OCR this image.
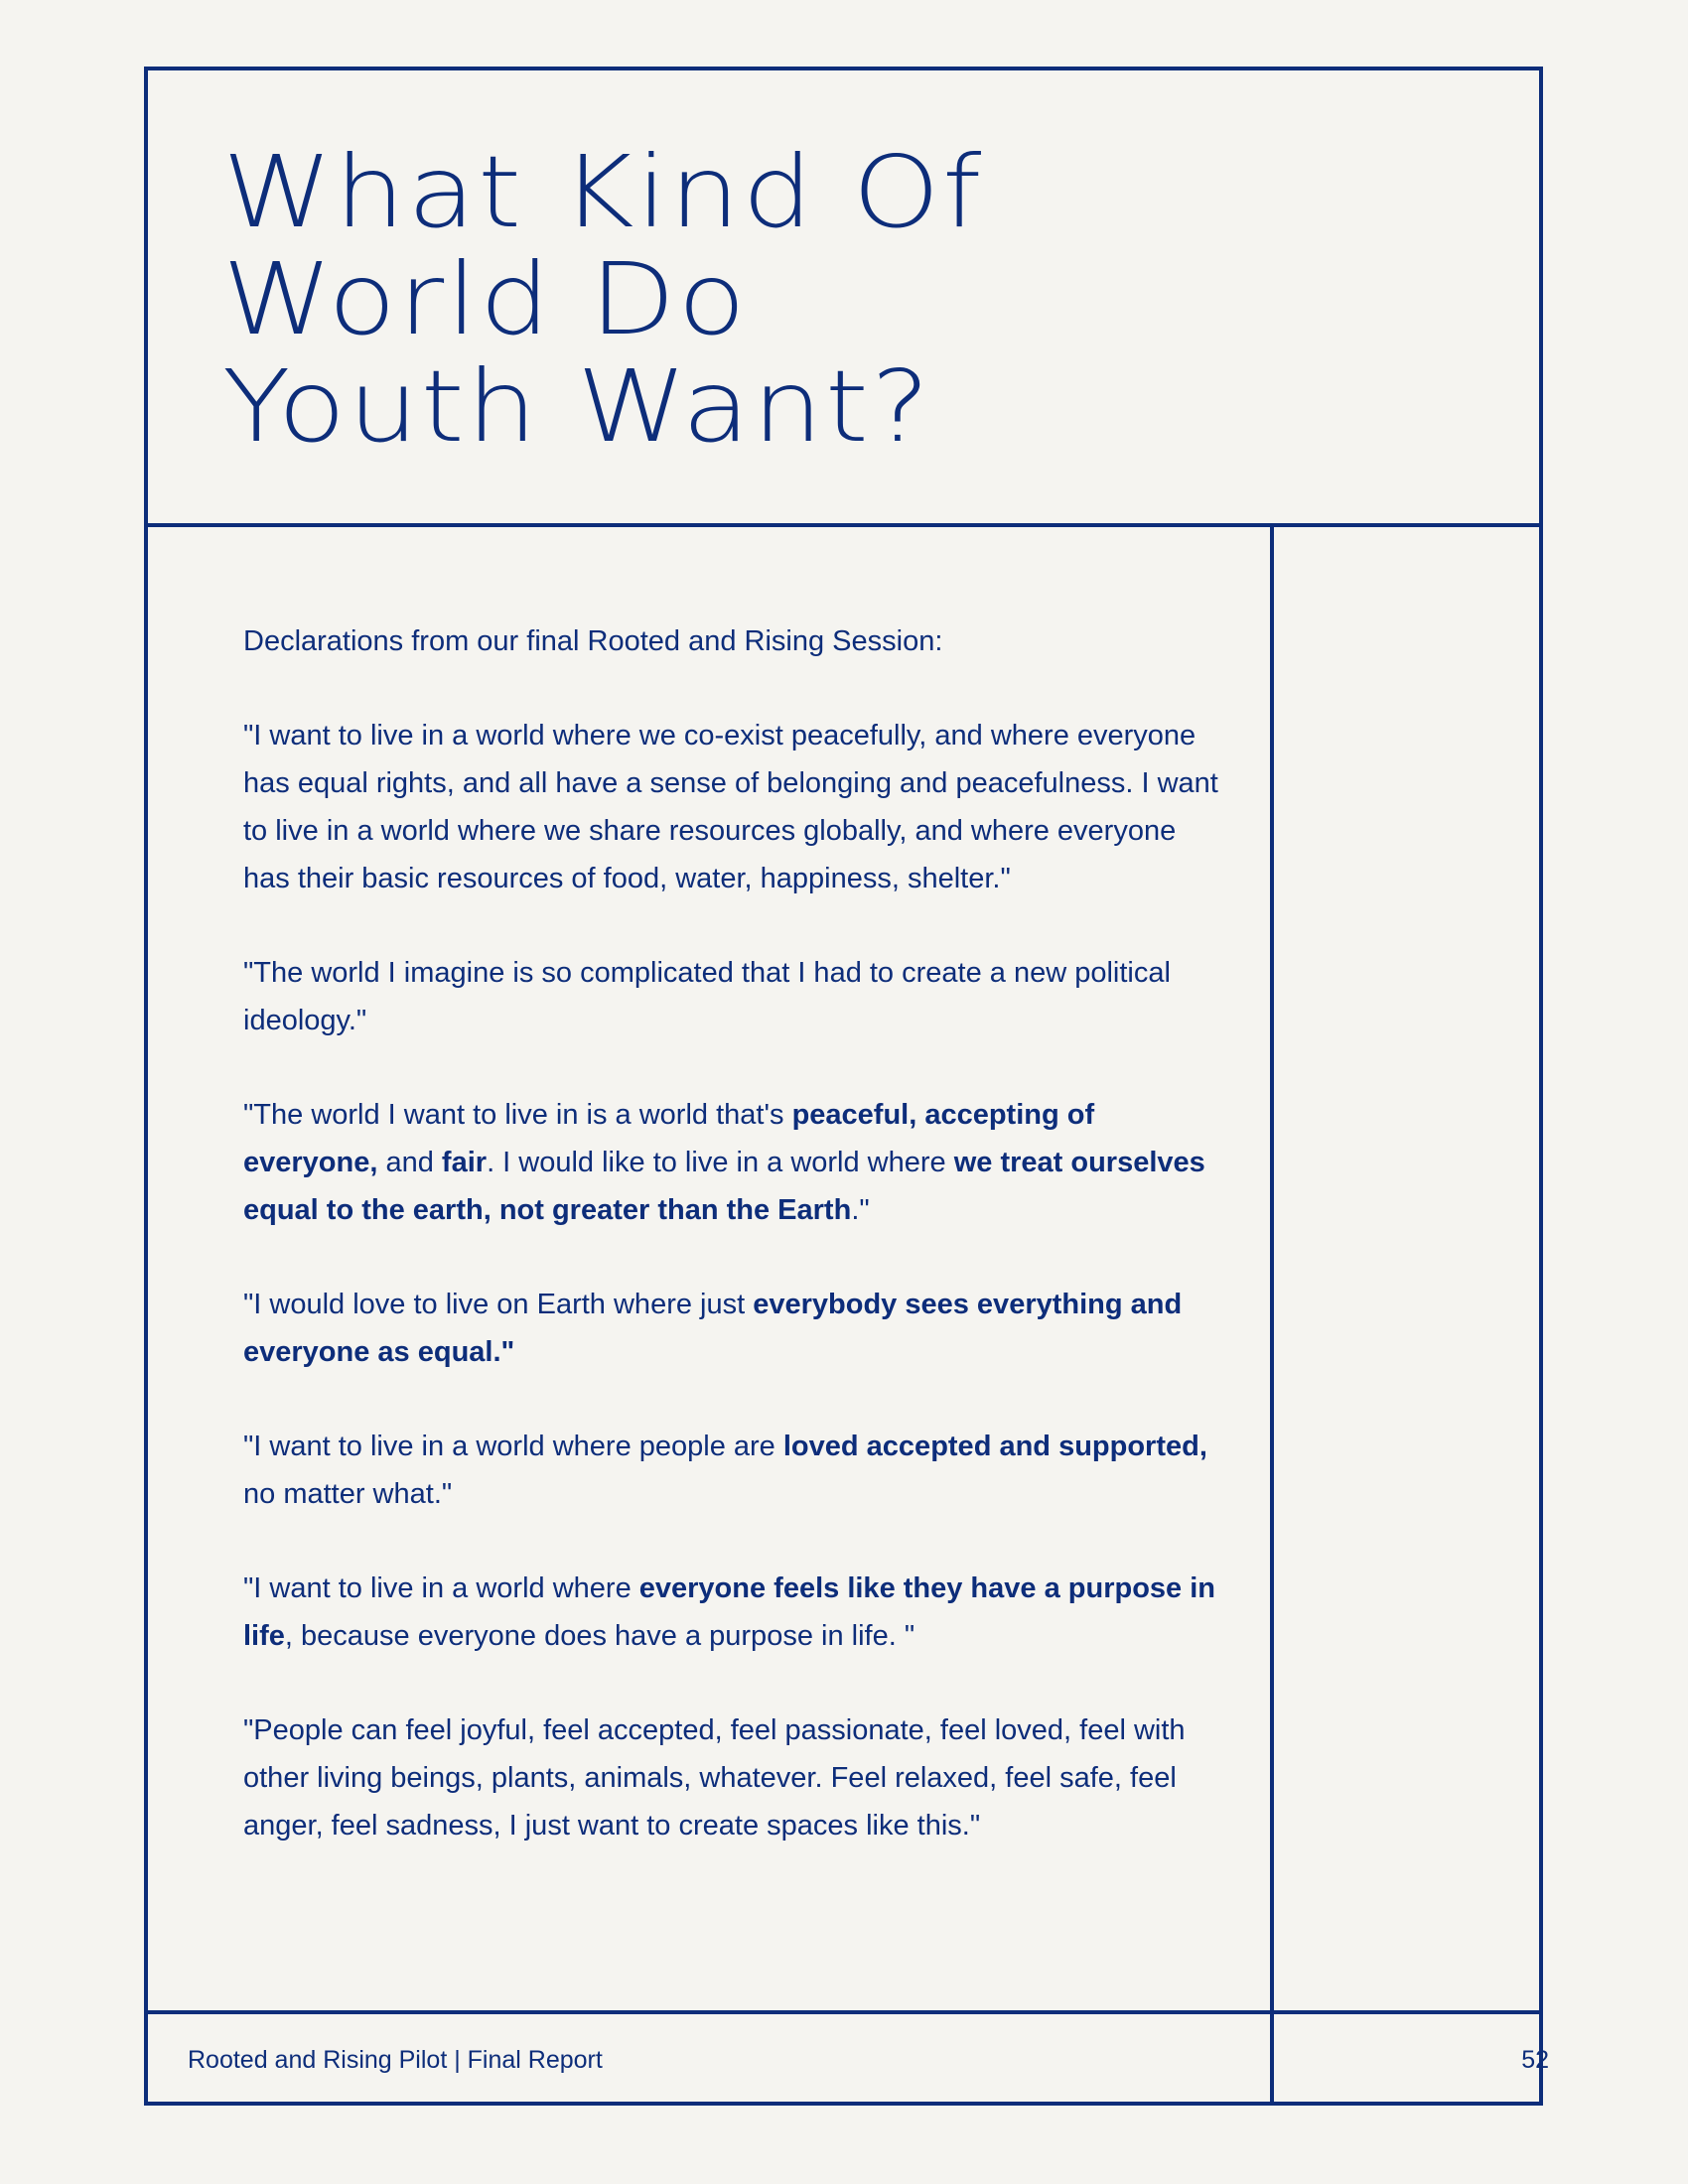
What Kind Of
World Do
Youth Want?

Declarations from our final Rooted and Rising Session:

"I want to live in a world where we co-exist peacefully, and where everyone has equal rights, and all have a sense of belonging and peacefulness. I want to live in a world where we share resources globally, and where everyone has their basic resources of food, water, happiness, shelter."

"The world I imagine is so complicated that I had to create a new political ideology."

"The world I want to live in is a world that's peaceful, accepting of everyone, and fair. I would like to live in a world where we treat ourselves equal to the earth, not greater than the Earth."

"I would love to live on Earth where just everybody sees everything and everyone as equal."

"I want to live in a world where people are loved accepted and supported, no matter what."

"I want to live in a world where everyone feels like they have a purpose in life, because everyone does have a purpose in life. "

"People can feel joyful, feel accepted, feel passionate, feel loved, feel with other living beings, plants, animals, whatever. Feel relaxed, feel safe, feel anger, feel sadness, I just want to create spaces like this."

Rooted and Rising Pilot | Final Report	52
